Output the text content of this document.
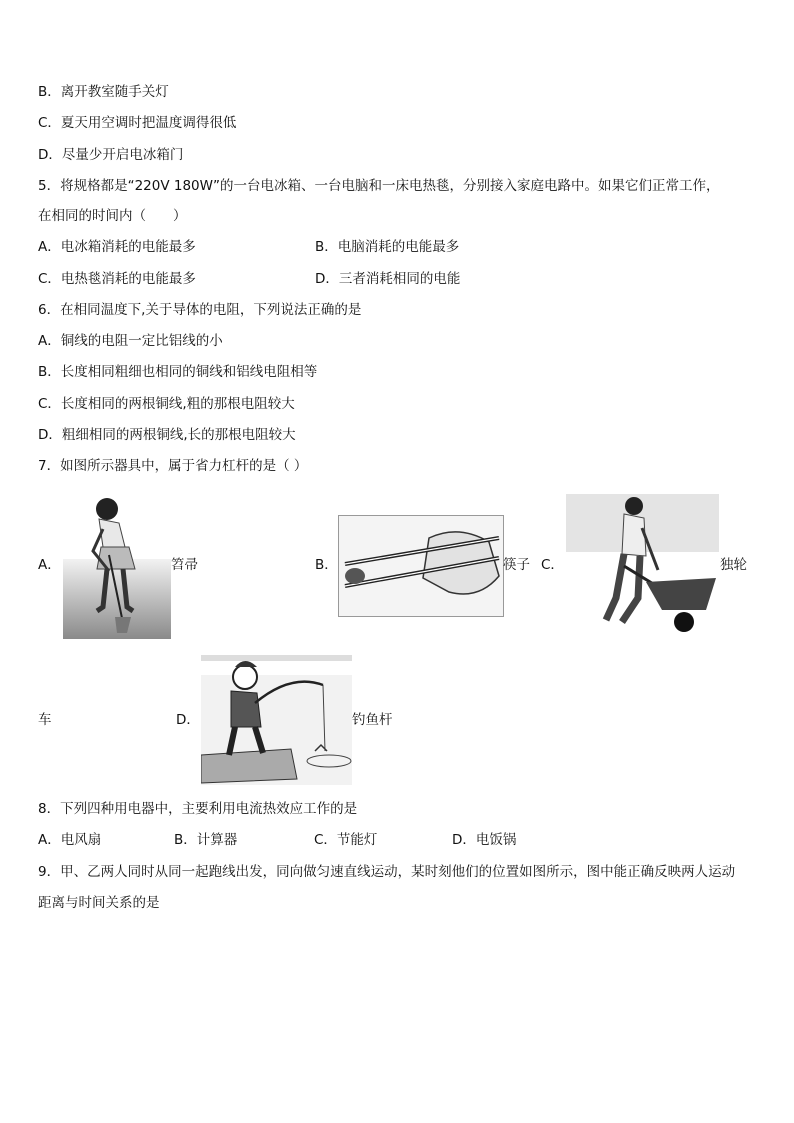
B．离开教室随手关灯
C．夏天用空调时把温度调得很低
D．尽量少开启电冰箱门
5．将规格都是“220V 180W”的一台电冰箱、一台电脑和一床电热毯，分别接入家庭电路中。如果它们正常工作，
在相同的时间内（　　）
A．电冰箱消耗的电能最多	B．电脑消耗的电能最多
C．电热毯消耗的电能最多	D．三者消耗相同的电能
6．在相同温度下,关于导体的电阻，下列说法正确的是
A．铜线的电阻一定比铝线的小
B．长度相同粗细也相同的铜线和铝线电阻相等
C．长度相同的两根铜线,粗的那根电阻较大
D．粗细相同的两根铜线,长的那根电阻较大
7．如图所示器具中，属于省力杠杆的是（ ）
A．	笤帚	B．	筷子 C．	独轮
车	D．	钓鱼杆
8．下列四种用电器中，主要利用电流热效应工作的是
A．电风扇	B．计算器	C．节能灯	D．电饭锅
9．甲、乙两人同时从同一起跑线出发，同向做匀速直线运动，某时刻他们的位置如图所示，图中能正确反映两人运动
距离与时间关系的是
